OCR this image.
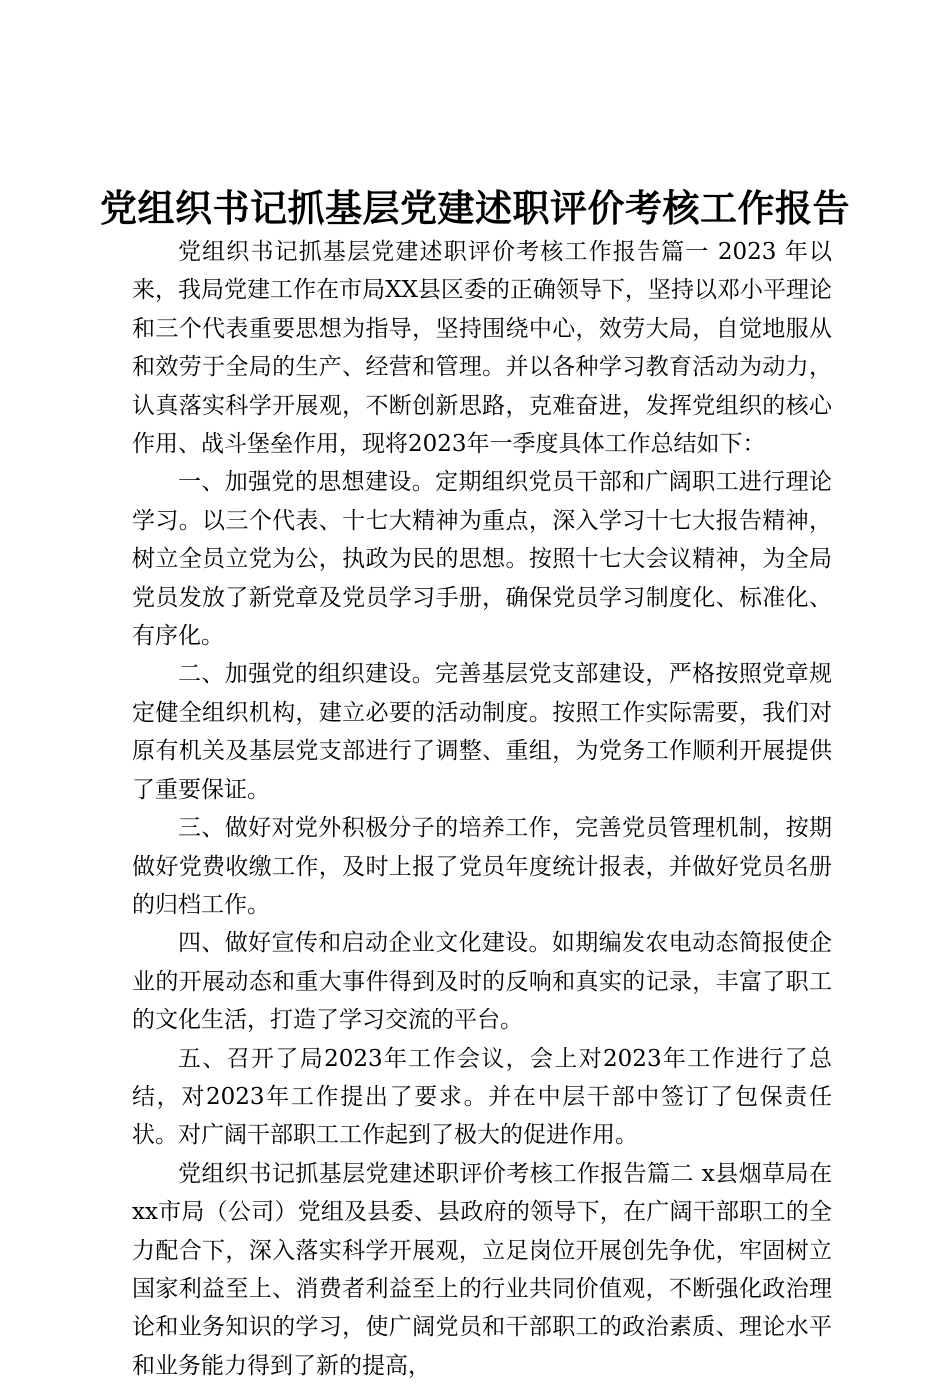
党组织书记抓基层党建述职评价考核工作报告

党组织书记抓基层党建述职评价考核工作报告篇一 2023 年以来，我局党建工作在市局XX县区委的正确领导下，坚持以邓小平理论和三个代表重要思想为指导，坚持围绕中心，效劳大局，自觉地服从和效劳于全局的生产、经营和管理。并以各种学习教育活动为动力，认真落实科学开展观，不断创新思路，克难奋进，发挥党组织的核心作用、战斗堡垒作用，现将2023年一季度具体工作总结如下：

一、加强党的思想建设。定期组织党员干部和广阔职工进行理论学习。以三个代表、十七大精神为重点，深入学习十七大报告精神，树立全员立党为公，执政为民的思想。按照十七大会议精神，为全局党员发放了新党章及党员学习手册，确保党员学习制度化、标准化、有序化。

二、加强党的组织建设。完善基层党支部建设，严格按照党章规定健全组织机构，建立必要的活动制度。按照工作实际需要，我们对原有机关及基层党支部进行了调整、重组，为党务工作顺利开展提供了重要保证。

三、做好对党外积极分子的培养工作，完善党员管理机制，按期做好党费收缴工作，及时上报了党员年度统计报表，并做好党员名册的归档工作。

四、做好宣传和启动企业文化建设。如期编发农电动态简报使企业的开展动态和重大事件得到及时的反响和真实的记录，丰富了职工的文化生活，打造了学习交流的平台。

五、召开了局2023年工作会议，会上对2023年工作进行了总结，对2023年工作提出了要求。并在中层干部中签订了包保责任状。对广阔干部职工工作起到了极大的促进作用。

党组织书记抓基层党建述职评价考核工作报告篇二 x县烟草局在xx市局（公司）党组及县委、县政府的领导下，在广阔干部职工的全力配合下，深入落实科学开展观，立足岗位开展创先争优，牢固树立国家利益至上、消费者利益至上的行业共同价值观，不断强化政治理论和业务知识的学习，使广阔党员和干部职工的政治素质、理论水平和业务能力得到了新的提高，
